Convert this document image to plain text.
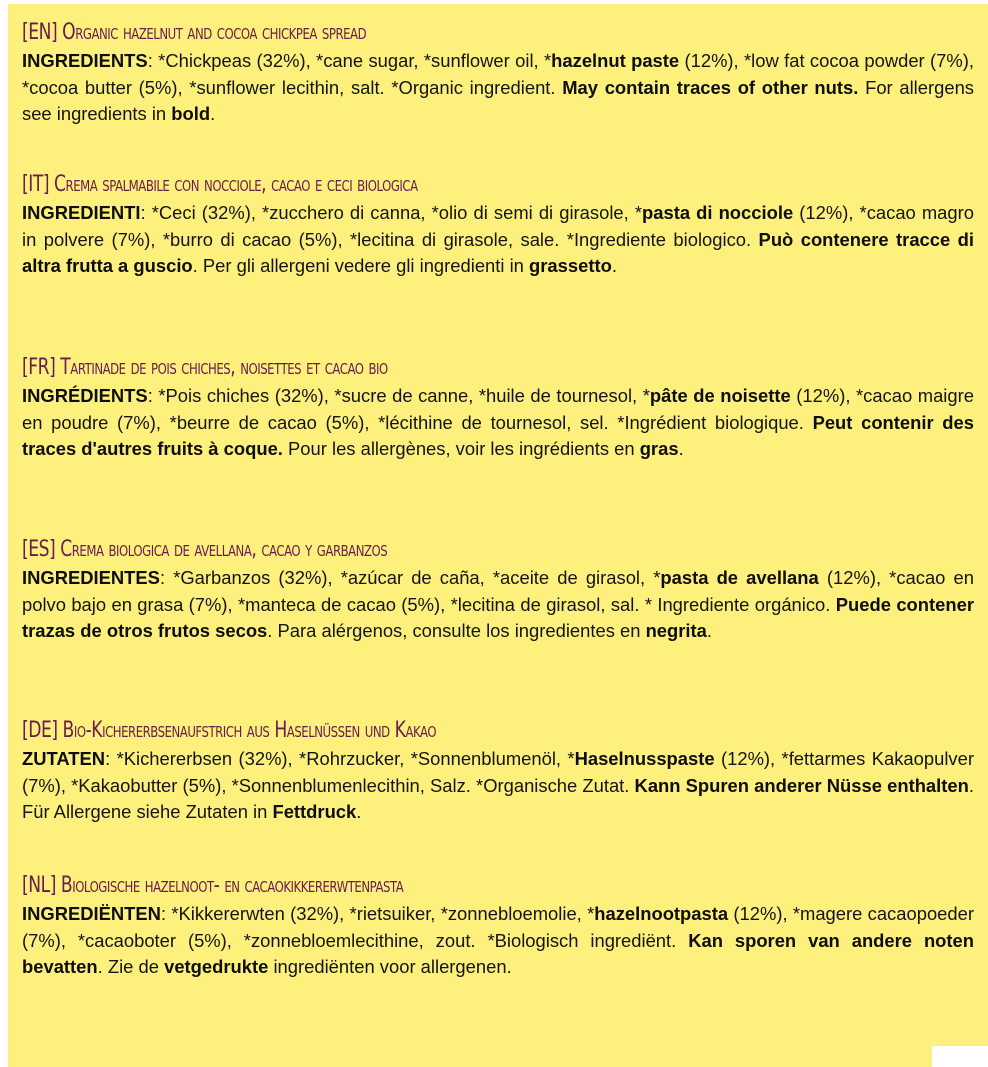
[EN] Organic hazelnut and cocoa chickpea spread

INGREDIENTS: *Chickpeas (32%), *cane sugar, *sunflower oil, *hazelnut paste (12%), *low fat cocoa powder (7%), *cocoa butter (5%), *sunflower lecithin, salt. *Organic ingredient. May contain traces of other nuts. For allergens see ingredients in bold.

[IT] Crema spalmabile con nocciole, cacao e ceci biologica

INGREDIENTI: *Ceci (32%), *zucchero di canna, *olio di semi di girasole, *pasta di nocciole (12%), *cacao magro in polvere (7%), *burro di cacao (5%), *lecitina di girasole, sale. *Ingrediente biologico. Può contenere tracce di altra frutta a guscio. Per gli allergeni vedere gli ingredienti in grassetto.

[FR] Tartinade de pois chiches, noisettes et cacao bio

INGRÉDIENTS: *Pois chiches (32%), *sucre de canne, *huile de tournesol, *pâte de noisette (12%), *cacao maigre en poudre (7%), *beurre de cacao (5%), *lécithine de tournesol, sel. *Ingrédient biologique. Peut contenir des traces d'autres fruits à coque. Pour les allergènes, voir les ingrédients en gras.

[ES] Crema biologica de avellana, cacao y garbanzos

INGREDIENTES: *Garbanzos (32%), *azúcar de caña, *aceite de girasol, *pasta de avellana (12%), *cacao en polvo bajo en grasa (7%), *manteca de cacao (5%), *lecitina de girasol, sal. * Ingrediente orgánico. Puede contener trazas de otros frutos secos. Para alérgenos, consulte los ingredientes en negrita.

[DE] Bio-Kichererbsenaufstrich aus Haselnüssen und Kakao

ZUTATEN: *Kichererbsen (32%), *Rohrzucker, *Sonnenblumenöl, *Haselnusspaste (12%), *fettarmes Kakaopulver (7%), *Kakaobutter (5%), *Sonnenblumenlecithin, Salz. *Organische Zutat. Kann Spuren anderer Nüsse enthalten. Für Allergene siehe Zutaten in Fettdruck.

[NL] Biologische hazelnoot- en cacaokikkererwtenpasta

INGREDIËNTEN: *Kikkererwten (32%), *rietsuiker, *zonnebloemolie, *hazelnootpasta (12%), *magere cacaopoeder (7%), *cacaoboter (5%), *zonnebloemlecithine, zout. *Biologisch ingrediënt. Kan sporen van andere noten bevatten. Zie de vetgedrukte ingrediënten voor allergenen.
